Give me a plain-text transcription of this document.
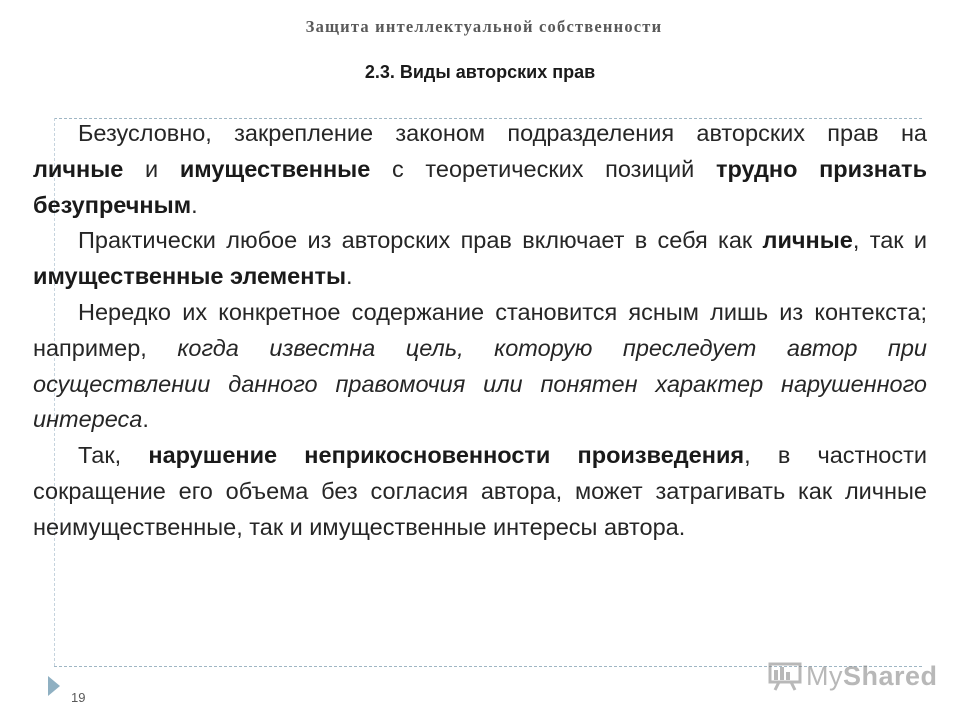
Защита интеллектуальной собственности
2.3. Виды авторских прав

Безусловно, закрепление законом подразделения авторских прав на личные и имущественные с теоретических позиций трудно признать безупречным.

Практически любое из авторских прав включает в себя как личные, так и имущественные элементы.

Нередко их конкретное содержание становится ясным лишь из контекста; например, когда известна цель, которую преследует автор при осуществлении данного правомочия или понятен характер нарушенного интереса.

Так, нарушение неприкосновенности произведения, в частности сокращение его объема без согласия автора, может затрагивать как личные неимущественные, так и имущественные интересы автора.

19
MyShared
